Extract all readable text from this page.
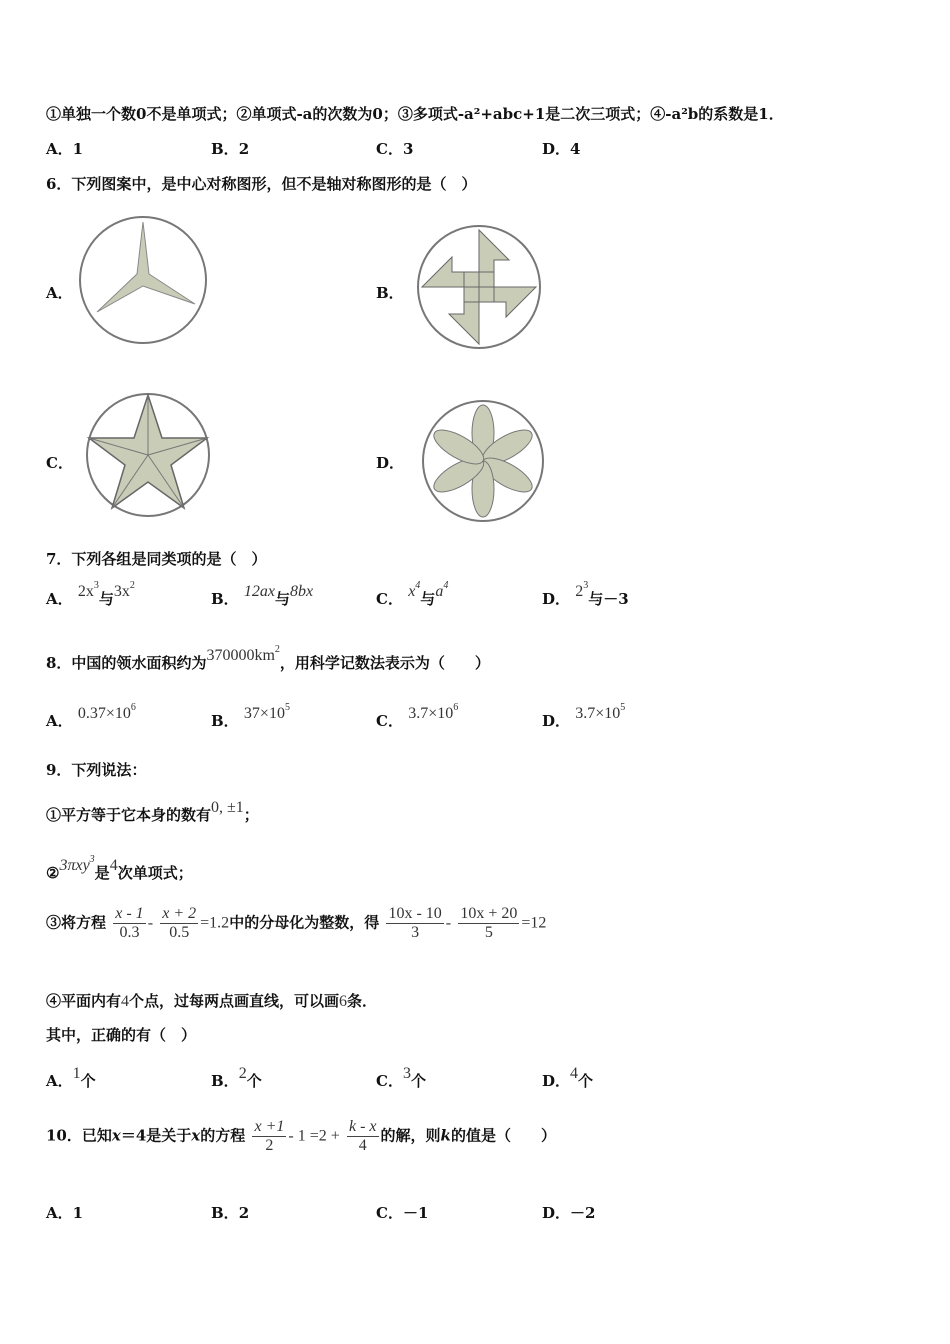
①单独一个数0不是单项式；②单项式-a的次数为0；③多项式-a²+abc+1是二次三项式；④-a²b的系数是1．
A．1	B．2	C．3	D．4
6．下列图案中，是中心对称图形，但不是轴对称图形的是（　）
A．	B．
C．	D．
7．下列各组是同类项的是（　）
A． $2x^3$与$3x^2$
B． 12ax与8bx	C． $x^4$与$a^4$
D． $2^3$与－3
8．中国的领水面积约为$370000km^2$，用科学记数法表示为（　　）
A． $0.37\times 10^6$
B． $37\times 10^5$
C． $3.7\times 10^6$
D． $3.7\times 10^5$
9．下列说法：
①平方等于它本身的数有0, ±1；
②3πxy$^3$是4次单项式；
③将方程 $\frac{x - 1}{0.3} - \frac{x + 2}{0.5} =1.2$中的分母化为整数，得 $\frac{10x - 10}{3} - \frac{10x + 20}{5} =12$
④平面内有4个点，过每两点画直线，可以画6条．
其中，正确的有（　）
A．1个	B．2个	C．3个	D．4个
10．已知x＝4是关于x的方程 $\frac{x +1}{2} - 1 =2 + \frac{k - x}{4}$ 的解，则k的值是（　　）
A．1	B．2	C．－1	D．－2
